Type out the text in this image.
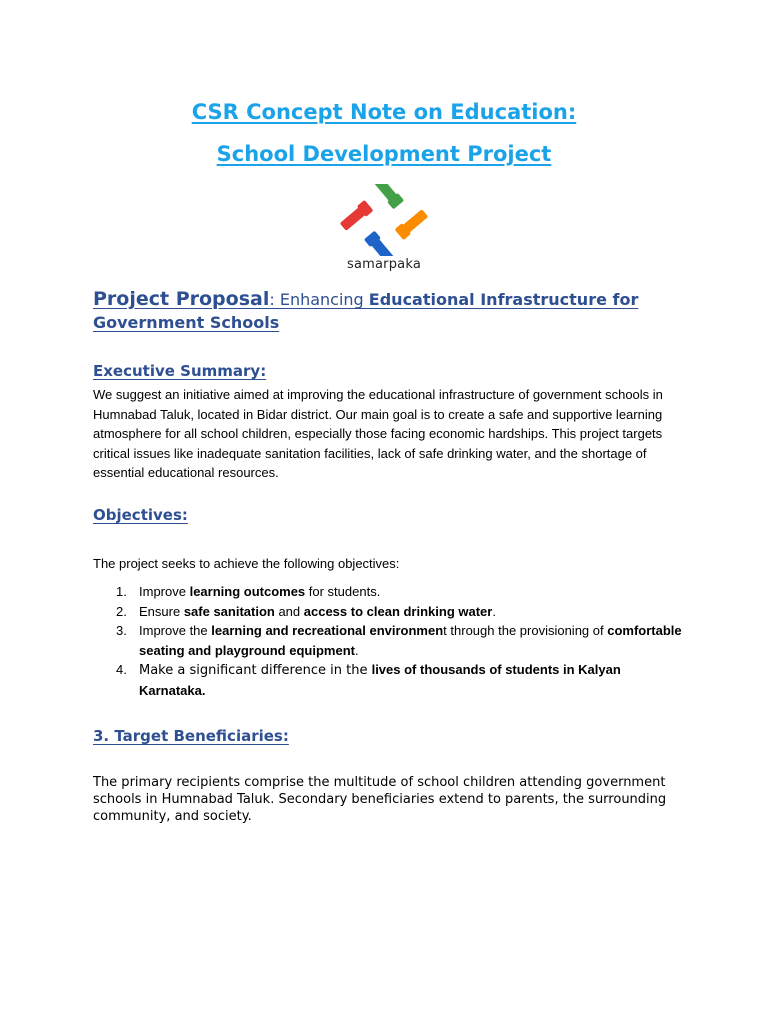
CSR Concept Note on Education:
School Development Project
samarpaka

Project Proposal: Enhancing Educational Infrastructure for Government Schools

Executive Summary:

We suggest an initiative aimed at improving the educational infrastructure of government schools in Humnabad Taluk, located in Bidar district. Our main goal is to create a safe and supportive learning atmosphere for all school children, especially those facing economic hardships. This project targets critical issues like inadequate sanitation facilities, lack of safe drinking water, and the shortage of essential educational resources.

Objectives:

The project seeks to achieve the following objectives:

1. Improve learning outcomes for students.
2. Ensure safe sanitation and access to clean drinking water.
3. Improve the learning and recreational environment through the provisioning of comfortable seating and playground equipment.
4. Make a significant difference in the lives of thousands of students in Kalyan Karnataka.
3. Target Beneficiaries:

The primary recipients comprise the multitude of school children attending government schools in Humnabad Taluk. Secondary beneficiaries extend to parents, the surrounding community, and society.
